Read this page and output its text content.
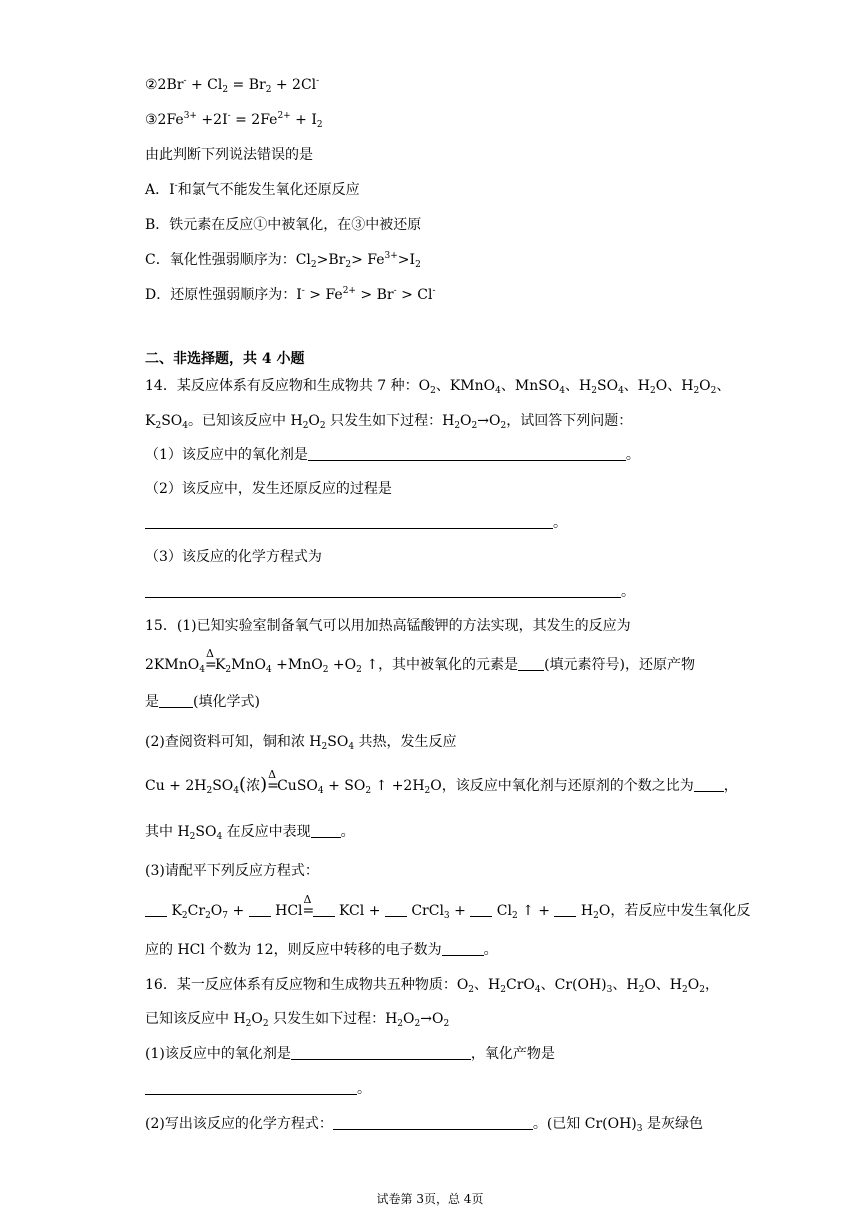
②2Br- + $Cl_2 = Br_2 + 2Cl^-$
$③2Fe^{3+} +2I^- = 2Fe^{2+} + I_2$
由此判断下列说法错误的是
A．I-和氯气不能发生氧化还原反应
B．铁元素在反应①中被氧化，在③中被还原
C．氧化性强弱顺序为：$Cl_2>Br_2> Fe^{3+}>I_2$
D．还原性强弱顺序为：$I^- > Fe^{2+} > Br^- > Cl^-$
二、非选择题，共 4 小题
14．某反应体系有反应物和生成物共 7 种：$O_2$、KMnO$_4$、MnSO$_4$、$H_2SO_4$、$H_2O$、$H_2O_2$、
$K_2SO_4$。已知该反应中 $H_2O_2$ 只发生如下过程：$H_2O_2\to O_2$，试回答下列问题：
（1）该反应中的氧化剂是	。
（2）该反应中，发生还原反应的过程是
。
（3）该反应的化学方程式为
。
15．(1)已知实验室制备氧气可以用加热高锰酸钾的方法实现，其发生的反应为
2KMnO$_4$
Δ
$=K_2MnO_4 +MnO_2 +O_2$ ↑，其中被氧化的元素是 (填元素符号)，还原产物
是 (填化学式)
(2)查阅资料可知，铜和浓 $H_2SO_4$ 共热，发生反应
$Cu + 2H_2SO_4$(浓) Δ
=CuSO$_4$ + $SO_2$ ↑ $+2H_2O$，该反应中氧化剂与还原剂的个数之比为 ，
其中 $H_2SO_4$ 在反应中表现 。
(3)请配平下列反应方程式：
$K_2Cr_2O_7$ +  HCl
Δ
= KCl +  CrCl$_3$ +  $Cl_2$ ↑ +  $H_2O$，若反应中发生氧化反
应的 HCl 个数为 12，则反应中转移的电子数为	。
16．某一反应体系有反应物和生成物共五种物质：$O_2$、$H_2CrO_4$、$Cr(OH)_3$、$H_2O$、$H_2O_2$，
已知该反应中 $H_2O_2$ 只发生如下过程：$H_2O_2\to O_2$
(1)该反应中的氧化剂是	，氧化产物是
。
(2)写出该反应的化学方程式：	。(已知 $Cr(OH)_3$ 是灰绿色
试卷第 3页，总 4页
